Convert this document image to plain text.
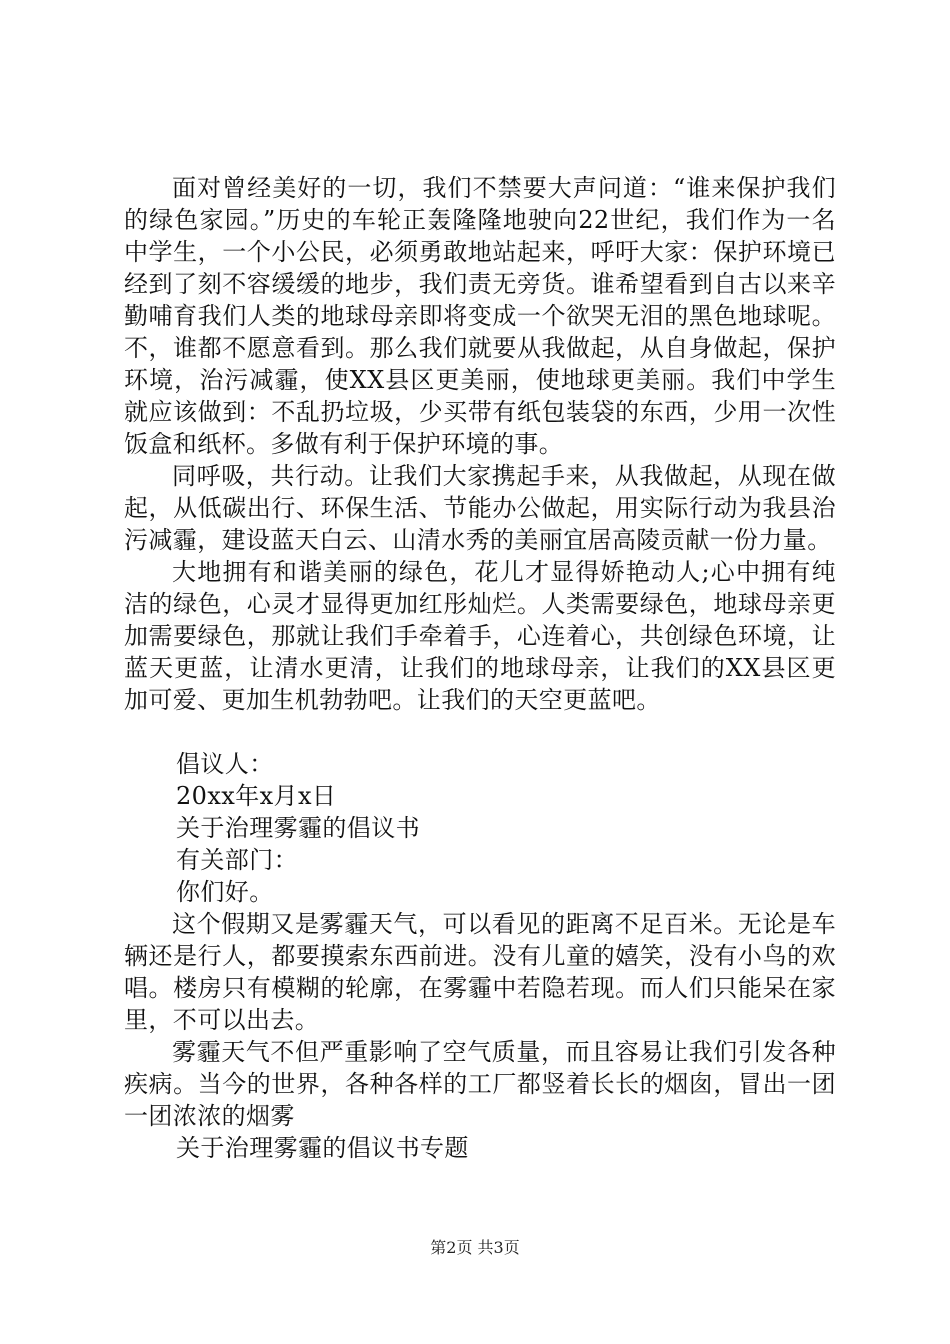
面对曾经美好的一切，我们不禁要大声问道：“谁来保护我们的绿色家园。”历史的车轮正轰隆隆地驶向22世纪，我们作为一名中学生，一个小公民，必须勇敢地站起来，呼吁大家：保护环境已经到了刻不容缓缓的地步，我们责无旁货。谁希望看到自古以来辛勤哺育我们人类的地球母亲即将变成一个欲哭无泪的黑色地球呢。不，谁都不愿意看到。那么我们就要从我做起，从自身做起，保护环境，治污减霾，使XX县区更美丽，使地球更美丽。我们中学生就应该做到：不乱扔垃圾，少买带有纸包装袋的东西，少用一次性饭盒和纸杯。多做有利于保护环境的事。

同呼吸，共行动。让我们大家携起手来，从我做起，从现在做起，从低碳出行、环保生活、节能办公做起，用实际行动为我县治污减霾，建设蓝天白云、山清水秀的美丽宜居高陵贡献一份力量。

大地拥有和谐美丽的绿色，花儿才显得娇艳动人;心中拥有纯洁的绿色，心灵才显得更加红彤灿烂。人类需要绿色，地球母亲更加需要绿色，那就让我们手牵着手，心连着心，共创绿色环境，让蓝天更蓝，让清水更清，让我们的地球母亲，让我们的XX县区更加可爱、更加生机勃勃吧。让我们的天空更蓝吧。

倡议人：

20xx年x月x日

关于治理雾霾的倡议书

有关部门：

你们好。

这个假期又是雾霾天气，可以看见的距离不足百米。无论是车辆还是行人，都要摸索东西前进。没有儿童的嬉笑，没有小鸟的欢唱。楼房只有模糊的轮廓，在雾霾中若隐若现。而人们只能呆在家里，不可以出去。

雾霾天气不但严重影响了空气质量，而且容易让我们引发各种疾病。当今的世界，各种各样的工厂都竖着长长的烟囱，冒出一团一团浓浓的烟雾

关于治理雾霾的倡议书专题

第2页 共3页
